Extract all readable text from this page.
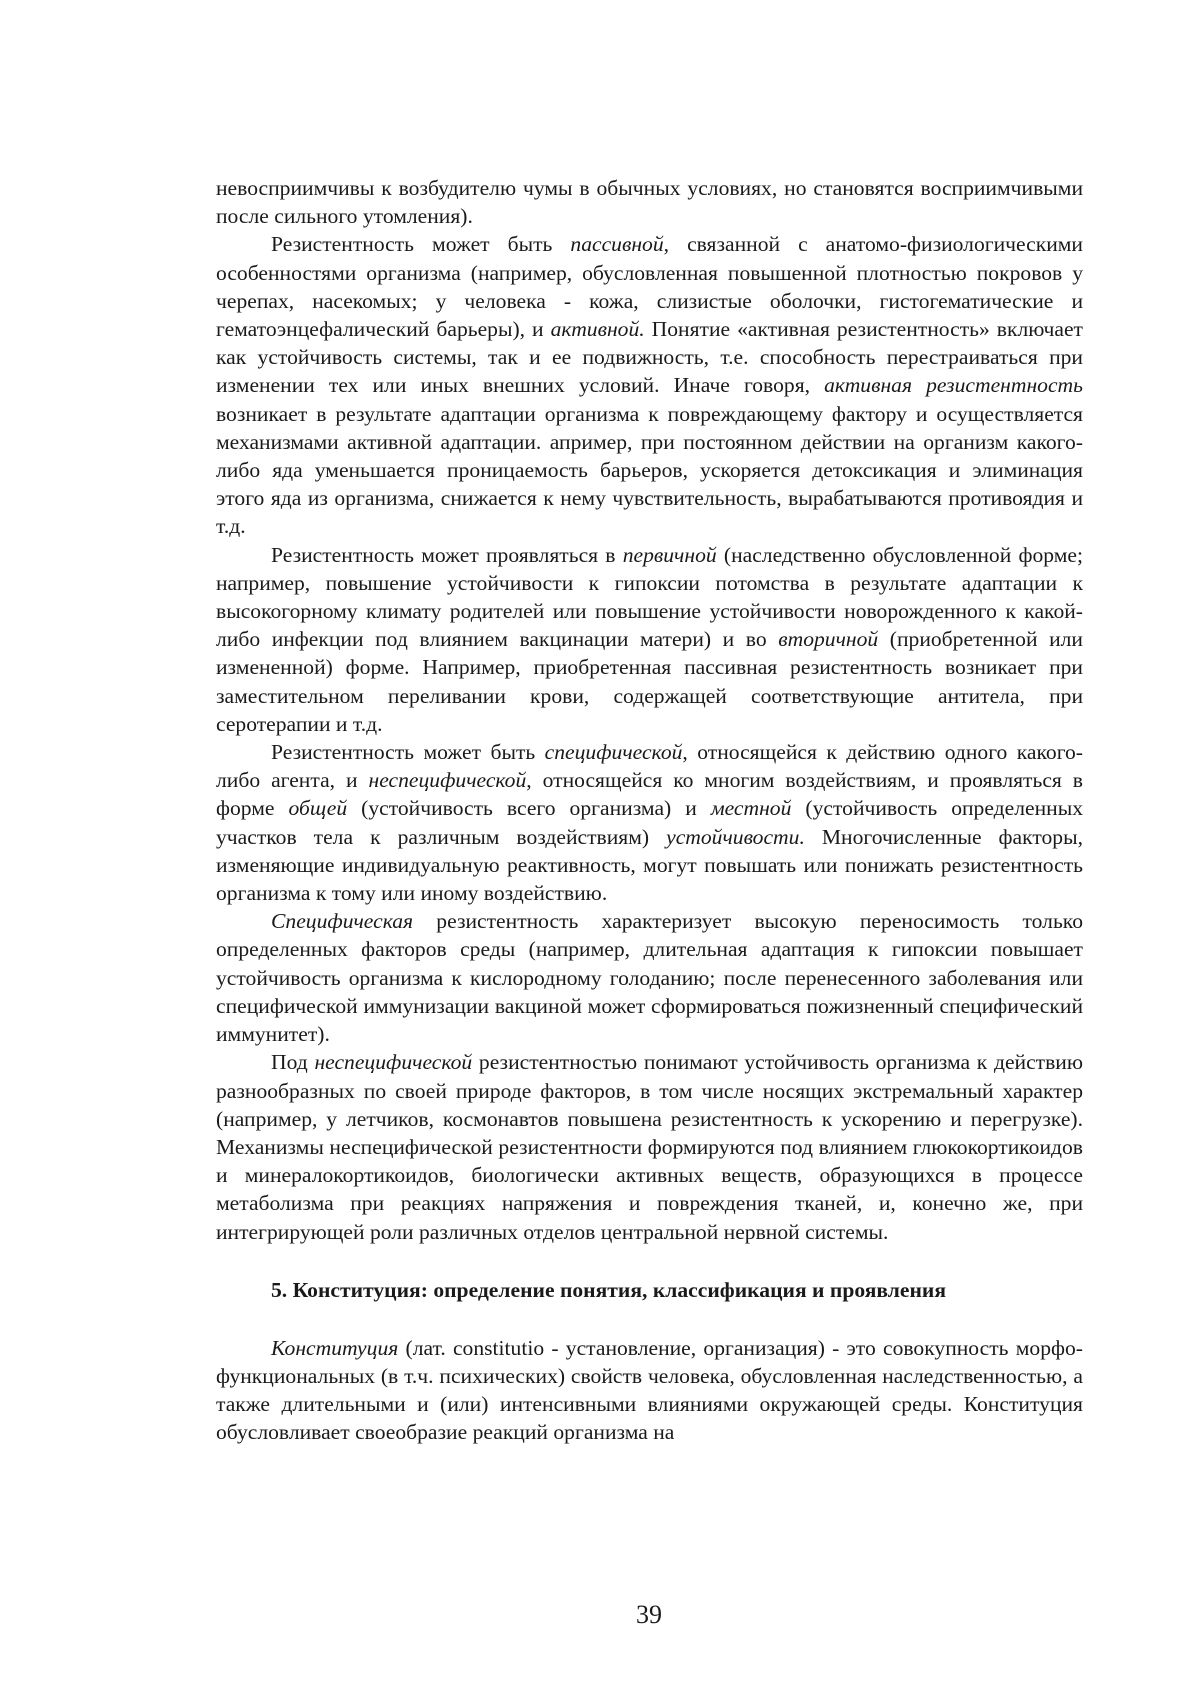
невосприимчивы к возбудителю чумы в обычных условиях, но становятся восприимчивыми после сильного утомления).

Резистентность может быть пассивной, связанной с анатомо-физиологическими особенностями организма (например, обусловленная повышенной плотностью покровов у черепах, насекомых; у человека - кожа, слизистые оболочки, гистогематические и гематоэнцефалический барьеры), и активной. Понятие «активная резистентность» включает как устойчивость системы, так и ее подвижность, т.е. способность перестраиваться при изменении тех или иных внешних условий. Иначе говоря, активная резистентность возникает в результате адаптации организма к повреждающему фактору и осуществляется механизмами активной адаптации. апример, при постоянном действии на организм какого-либо яда уменьшается проницаемость барьеров, ускоряется детоксикация и элиминация этого яда из организма, снижается к нему чувствительность, вырабатываются противоядия и т.д.

Резистентность может проявляться в первичной (наследственно обусловленной форме; например, повышение устойчивости к гипоксии потомства в результате адаптации к высокогорному климату родителей или повышение устойчивости новорожденного к какой-либо инфекции под влиянием вакцинации матери) и во вторичной (приобретенной или измененной) форме. Например, приобретенная пассивная резистентность возникает при заместительном переливании крови, содержащей соответствующие антитела, при серотерапии и т.д.

Резистентность может быть специфической, относящейся к действию одного какого-либо агента, и неспецифической, относящейся ко многим воздействиям, и проявляться в форме общей (устойчивость всего организма) и местной (устойчивость определенных участков тела к различным воздействиям) устойчивости. Многочисленные факторы, изменяющие индивидуальную реактивность, могут повышать или понижать резистентность организма к тому или иному воздействию.

Специфическая резистентность характеризует высокую переносимость только определенных факторов среды (например, длительная адаптация к гипоксии повышает устойчивость организма к кислородному голоданию; после перенесенного заболевания или специфической иммунизации вакциной может сформироваться пожизненный специфический иммунитет).

Под неспецифической резистентностью понимают устойчивость организма к действию разнообразных по своей природе факторов, в том числе носящих экстремальный характер (например, у летчиков, космонавтов повышена резистентность к ускорению и перегрузке). Механизмы неспецифической резистентности формируются под влиянием глюкокортикоидов и минералокортикоидов, биологически активных веществ, образующихся в процессе метаболизма при реакциях напряжения и повреждения тканей, и, конечно же, при интегрирующей роли различных отделов центральной нервной системы.

5. Конституция: определение понятия, классификация и проявления

Конституция (лат. constitutio - установление, организация) - это совокупность морфо-функциональных (в т.ч. психических) свойств человека, обусловленная наследственностью, а также длительными и (или) интенсивными влияниями окружающей среды. Конституция обусловливает своеобразие реакций организма на

39
